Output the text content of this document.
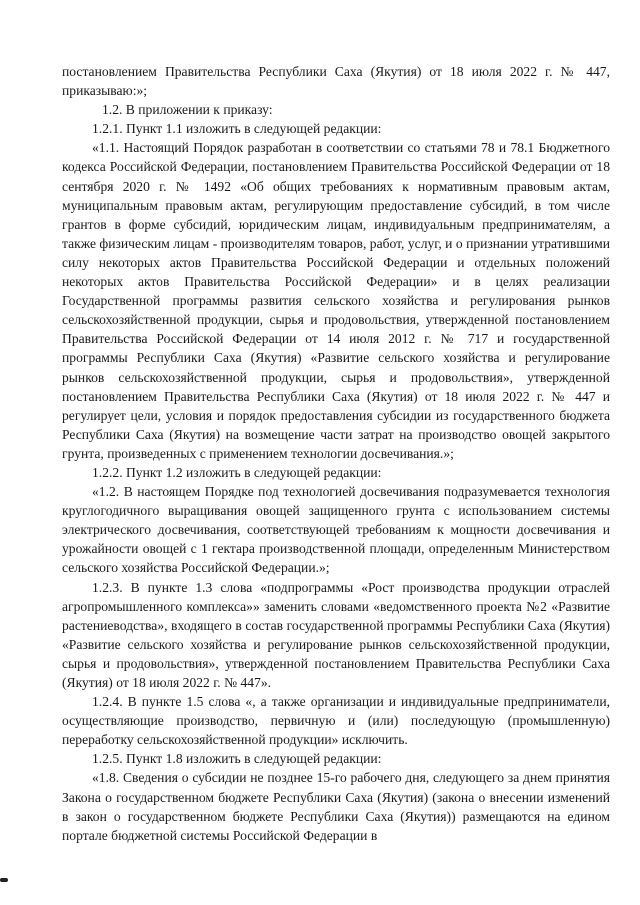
постановлением Правительства Республики Саха (Якутия) от 18 июля 2022 г. № 447, приказываю:»;

1.2. В приложении к приказу:

1.2.1. Пункт 1.1 изложить в следующей редакции:

«1.1. Настоящий Порядок разработан в соответствии со статьями 78 и 78.1 Бюджетного кодекса Российской Федерации, постановлением Правительства Российской Федерации от 18 сентября 2020 г. № 1492 «Об общих требованиях к нормативным правовым актам, муниципальным правовым актам, регулирующим предоставление субсидий, в том числе грантов в форме субсидий, юридическим лицам, индивидуальным предпринимателям, а также физическим лицам - производителям товаров, работ, услуг, и о признании утратившими силу некоторых актов Правительства Российской Федерации и отдельных положений некоторых актов Правительства Российской Федерации» и в целях реализации Государственной программы развития сельского хозяйства и регулирования рынков сельскохозяйственной продукции, сырья и продовольствия, утвержденной постановлением Правительства Российской Федерации от 14 июля 2012 г. № 717 и государственной программы Республики Саха (Якутия) «Развитие сельского хозяйства и регулирование рынков сельскохозяйственной продукции, сырья и продовольствия», утвержденной постановлением Правительства Республики Саха (Якутия) от 18 июля 2022 г. № 447 и регулирует цели, условия и порядок предоставления субсидии из государственного бюджета Республики Саха (Якутия) на возмещение части затрат на производство овощей закрытого грунта, произведенных с применением технологии досвечивания.»;

1.2.2. Пункт 1.2 изложить в следующей редакции:

«1.2. В настоящем Порядке под технологией досвечивания подразумевается технология круглогодичного выращивания овощей защищенного грунта с использованием системы электрического досвечивания, соответствующей требованиям к мощности досвечивания и урожайности овощей с 1 гектара производственной площади, определенным Министерством сельского хозяйства Российской Федерации.»;

1.2.3. В пункте 1.3 слова «подпрограммы «Рост производства продукции отраслей агропромышленного комплекса»» заменить словами «ведомственного проекта №2 «Развитие растениеводства», входящего в состав государственной программы Республики Саха (Якутия) «Развитие сельского хозяйства и регулирование рынков сельскохозяйственной продукции, сырья и продовольствия», утвержденной постановлением Правительства Республики Саха (Якутия) от 18 июля 2022 г. № 447».

1.2.4. В пункте 1.5 слова «, а также организации и индивидуальные предприниматели, осуществляющие производство, первичную и (или) последующую (промышленную) переработку сельскохозяйственной продукции» исключить.

1.2.5. Пункт 1.8 изложить в следующей редакции:

«1.8. Сведения о субсидии не позднее 15-го рабочего дня, следующего за днем принятия Закона о государственном бюджете Республики Саха (Якутия) (закона о внесении изменений в закон о государственном бюджете Республики Саха (Якутия)) размещаются на едином портале бюджетной системы Российской Федерации в
